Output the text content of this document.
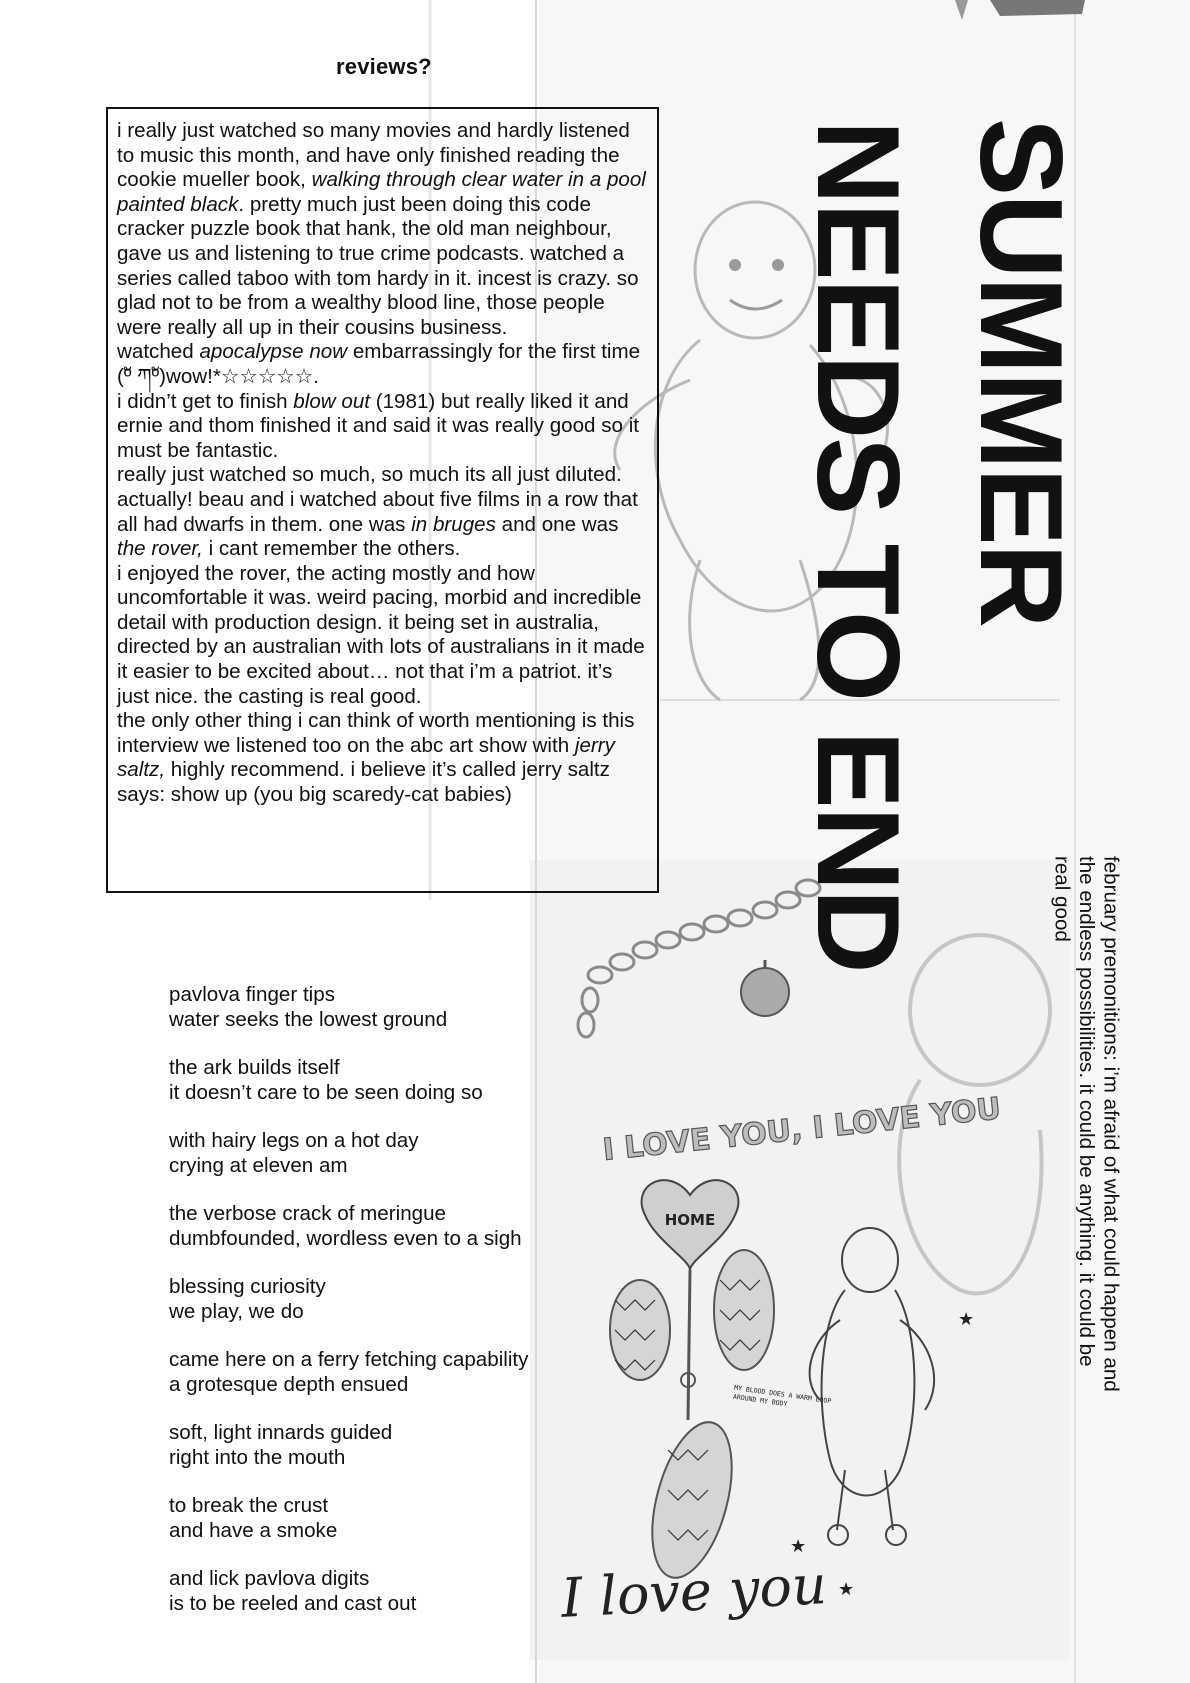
HOME
★
★
★
I LOVE YOU, I LOVE YOU
MY BLOOD DOES A WARM LOOP AROUND MY BODY
reviews?

i really just watched so many movies and hardly listened to music this month, and have only finished reading the cookie mueller book, walking through clear water in a pool painted black. pretty much just been doing this code cracker puzzle book that hank, the old man neighbour, gave us and listening to true crime podcasts. watched a series called taboo with tom hardy in it. incest is crazy. so glad not to be from a wealthy blood line, those people were really all up in their cousins business.

watched apocalypse now embarrassingly for the first time (ºั ཀºั)wow!*☆☆☆☆☆.

i didn’t get to finish blow out (1981) but really liked it and ernie and thom finished it and said it was really good so it must be fantastic.

really just watched so much, so much its all just diluted. actually! beau and i watched about five films in a row that all had dwarfs in them. one was in bruges and one was the rover, i cant remember the others.

i enjoyed the rover, the acting mostly and how uncomfortable it was. weird pacing, morbid and incredible detail with production design. it being set in australia, directed by an australian with lots of australians in it made it easier to be excited about… not that i’m a patriot. it’s just nice. the casting is real good.

the only other thing i can think of worth mentioning is this interview we listened too on the abc art show with jerry saltz, highly recommend. i believe it’s called jerry saltz says: show up (you big scaredy-cat babies)

SUMMER
NEEDS TO END
february premonitions: i’m afraid of what could happen and the endless possibilities. it could be anything. it could be real good
pavlova finger tips
water seeks the lowest ground
the ark builds itself
it doesn’t care to be seen doing so
with hairy legs on a hot day
crying at eleven am
the verbose crack of meringue
dumbfounded, wordless even to a sigh
blessing curiosity
we play, we do
came here on a ferry fetching capability
a grotesque depth ensued
soft, light innards guided
right into the mouth
to break the crust
and have a smoke
and lick pavlova digits
is to be reeled and cast out	I love you
